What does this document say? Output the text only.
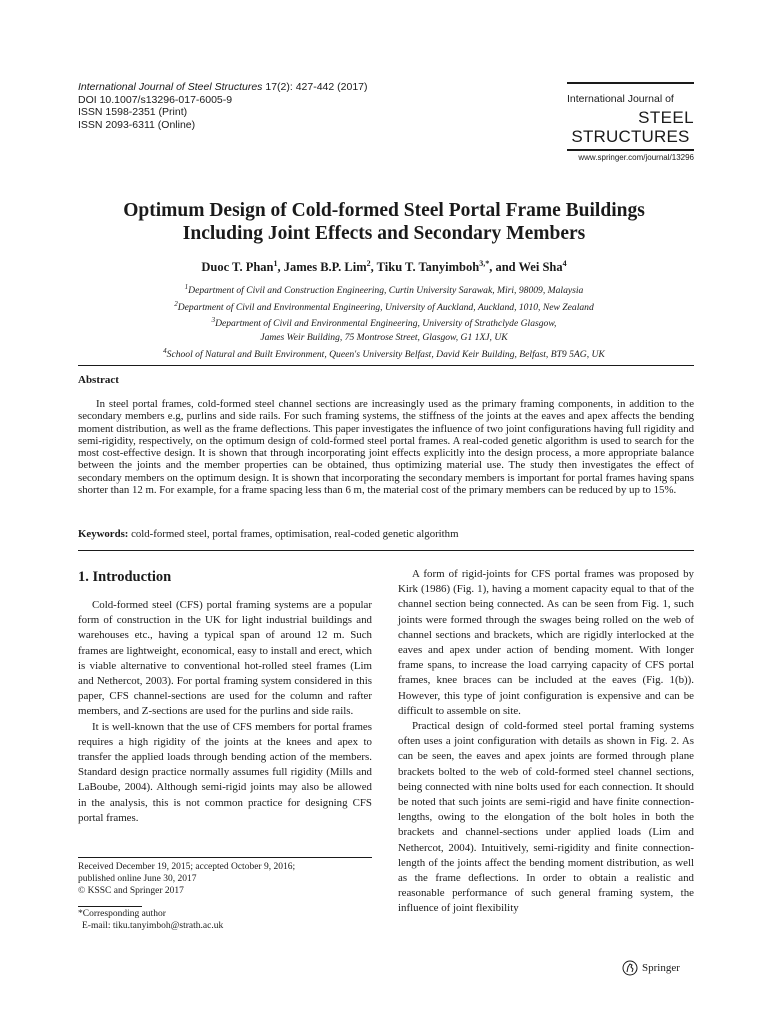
International Journal of Steel Structures 17(2): 427-442 (2017)
DOI 10.1007/s13296-017-6005-9
ISSN 1598-2351 (Print)
ISSN 2093-6311 (Online)
International Journal of
STEEL
STRUCTURES
www.springer.com/journal/13296
Optimum Design of Cold-formed Steel Portal Frame Buildings
Including Joint Effects and Secondary Members
Duoc T. Phan$^1$, James B.P. Lim$^2$, Tiku T. Tanyimboh$^{3,*}$, and Wei Sha$^4$
$^1$Department of Civil and Construction Engineering, Curtin University Sarawak, Miri, 98009, Malaysia
$^2$Department of Civil and Environmental Engineering, University of Auckland, Auckland, 1010, New Zealand
$^3$Department of Civil and Environmental Engineering, University of Strathclyde Glasgow,
James Weir Building, 75 Montrose Street, Glasgow, G1 1XJ, UK
$^4$School of Natural and Built Environment, Queen's University Belfast, David Keir Building, Belfast, BT9 5AG, UK
Abstract
In steel portal frames, cold-formed steel channel sections are increasingly used as the primary framing components, in addition to the secondary members e.g, purlins and side rails. For such framing systems, the stiffness of the joints at the eaves and apex affects the bending moment distribution, as well as the frame deflections. This paper investigates the influence of two joint configurations having full rigidity and semi-rigidity, respectively, on the optimum design of cold-formed steel portal frames. A real-coded genetic algorithm is used to search for the most cost-effective design. It is shown that through incorporating joint effects explicitly into the design process, a more appropriate balance between the joints and the member properties can be obtained, thus optimizing material use. The study then investigates the effect of secondary members on the optimum design. It is shown that incorporating the secondary members is important for portal frames having spans shorter than 12 m. For example, for a frame spacing less than 6 m, the material cost of the primary members can be reduced by up to 15%.
Keywords: cold-formed steel, portal frames, optimisation, real-coded genetic algorithm
1. Introduction
Cold-formed steel (CFS) portal framing systems are a popular form of construction in the UK for light industrial buildings and warehouses etc., having a typical span of around 12 m. Such frames are lightweight, economical, easy to install and erect, which is viable alternative to conventional hot-rolled steel frames (Lim and Nethercot, 2003). For portal framing system considered in this paper, CFS channel-sections are used for the column and rafter members, and Z-sections are used for the purlins and side rails.
It is well-known that the use of CFS members for portal frames requires a high rigidity of the joints at the knees and apex to transfer the applied loads through bending action of the members. Standard design practice normally assumes full rigidity (Mills and LaBoube, 2004). Although semi-rigid joints may also be allowed in the analysis, this is not common practice for designing CFS portal frames.
A form of rigid-joints for CFS portal frames was proposed by Kirk (1986) (Fig. 1), having a moment capacity equal to that of the channel section being connected. As can be seen from Fig. 1, such joints were formed through the swages being rolled on the web of channel sections and brackets, which are rigidly interlocked at the eaves and apex under action of bending moment. With longer frame spans, to increase the load carrying capacity of CFS portal frames, knee braces can be included at the eaves (Fig. 1(b)). However, this type of joint configuration is expensive and can be difficult to assemble on site.
Practical design of cold-formed steel portal framing systems often uses a joint configuration with details as shown in Fig. 2. As can be seen, the eaves and apex joints are formed through plane brackets bolted to the web of cold-formed steel channel sections, being connected with nine bolts used for each connection. It should be noted that such joints are semi-rigid and have finite connection-lengths, owing to the elongation of the bolt holes in both the brackets and channel-sections under applied loads (Lim and Nethercot, 2004). Intuitively, semi-rigidity and finite connection-length of the joints affect the bending moment distribution, as well as the frame deflections. In order to obtain a realistic and reasonable performance of such general framing system, the influence of joint flexibility
Received December 19, 2015; accepted October 9, 2016;
published online June 30, 2017
© KSSC and Springer 2017
*Corresponding author
E-mail: tiku.tanyimboh@strath.ac.uk
Springer
